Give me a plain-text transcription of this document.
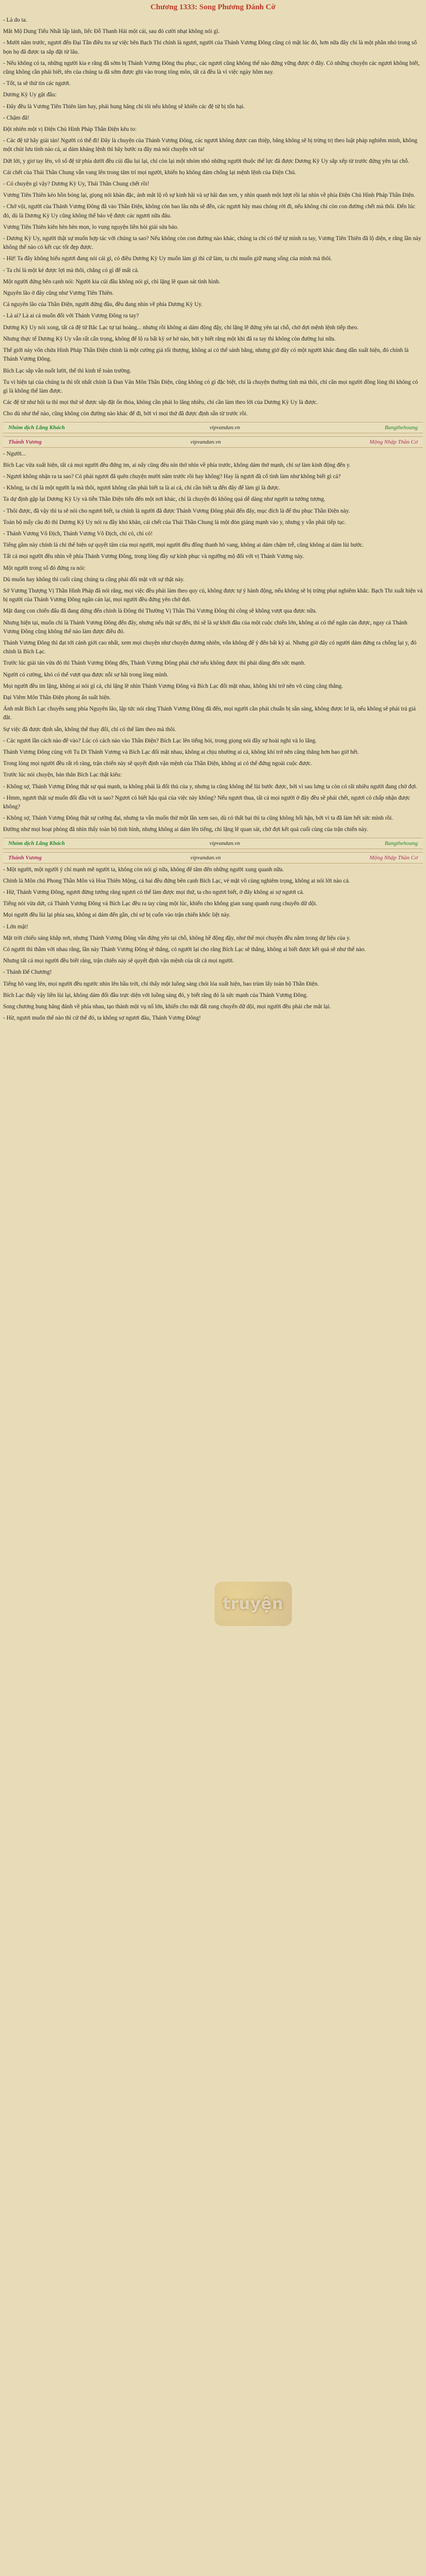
Chương 1333: Song Phương Đánh Cờ

- Là do ta.

Mắt Mộ Dung Tiểu Nhất lấp lánh, liếc Đỗ Thanh Hải một cái, sau đó cười nhạt không nói gì.

- Mười năm trước, ngươi đến Đại Tần điều tra sự việc bên Bạch Thi chính là ngươi, người của Thánh Vương Đông cũng có mặt lúc đó, hơn nữa đây chỉ là một phần nhỏ trong số bọn họ đã được ta sắp đặt từ lâu.

- Nếu không có ta, những người kia e rằng đã sớm bị Thánh Vương Đông thu phục, các ngươi cũng không thể nào đứng vững được ở đây. Có những chuyện các ngươi không biết, cũng không cần phải biết, tên của chúng ta đã sớm được ghi vào trong tông môn, tất cả đều là vì việc ngày hôm nay.

- Tốt, ta sẽ thử tin các ngươi.

Dương Kỳ Uy gật đầu:

- Đây đều là Vương Tiên Thiên làm hay, phải hung hăng chỉ tôi nếu không sẽ khiến các đệ tử bị tổn hại.

- Chậm đã!

Đột nhiên một vị Điện Chủ Hình Pháp Thần Điện kêu to:

- Các đệ tử hãy giải tán! Người có thể đi! Đây là chuyện của Thánh Vương Đông, các ngươi không được can thiệp, bằng không sẽ bị trừng trị theo luật pháp nghiêm minh, không một chút lưu tình nào cả, ai dám kháng lệnh thì hãy bước ra đây mà nói chuyện với ta!

Dứt lời, y giơ tay lên, vô số đệ tử phía dưới đều cúi đầu lui lại, chỉ còn lại một nhóm nhỏ những người thuộc thế lực đã được Dương Kỳ Uy sắp xếp từ trước đứng yên tại chỗ.

Cái chết của Thái Thần Chung vẫn vang lên trong tâm trí mọi người, khiến họ không dám chống lại mệnh lệnh của Điện Chủ.

- Có chuyện gì vậy? Dương Kỳ Uy, Thái Thần Chung chết rồi!

Vương Tiên Thiên kéo hồn bóng lại, giọng nói khàn đặc, ánh mắt lộ rõ sự kinh hãi và sợ hãi đan xen, y nhìn quanh một lượt rồi lại nhìn về phía Điện Chủ Hình Pháp Thần Điện.

- Chớ vội, người của Thánh Vương Đông đã vào Thần Điện, không còn bao lâu nữa sẽ đến, các ngươi hãy mau chóng rời đi, nếu không chỉ còn con đường chết mà thôi. Đến lúc đó, dù là Dương Kỳ Uy cũng không thể bảo vệ được các ngươi nữa đâu.

Vương Tiên Thiên kiên hèn hèn mọn, lo vung nguyện liền hỏi giải sửa bảo.

- Dương Kỳ Uy, người thật sự muốn hợp tác với chúng ta sao? Nếu không còn con đường nào khác, chúng ta chỉ có thể tự mình ra tay, Vương Tiên Thiên đã lộ diện, e rằng lần này không thể nào có kết cục tốt đẹp được.

- Hừ! Ta đây không hiểu ngươi đang nói cái gì, có điều Dương Kỳ Uy muốn làm gì thì cứ làm, ta chỉ muốn giữ mạng sống của mình mà thôi.

- Ta chỉ là một kẻ được lợi mà thôi, chẳng có gì để mất cả.

Một người đứng bên cạnh nói: Người kia cúi đầu không nói gì, chỉ lặng lẽ quan sát tình hình.

Nguyên lão ở đây cũng như Vương Tiên Thiên.

Cả nguyên lão của Thần Điện, người đứng đầu, đều đang nhìn về phía Dương Kỳ Uy.

- Là ai? Là ai cả muốn đối với Thánh Vương Đông ra tay?

Dương Kỳ Uy nói xong, tất cả đệ tử Bắc Lạc tự tại hoảng... nhưng rồi không ai dám động đậy, chỉ lặng lẽ đứng yên tại chỗ, chờ đợi mệnh lệnh tiếp theo.

Nhưng thực tế Dương Kỳ Uy vẫn rất cẩn trọng, không để lộ ra bất kỳ sơ hở nào, bởi y biết rằng một khi đã ra tay thì không còn đường lui nữa.

Thế giới này vốn chứa Hình Pháp Thần Điện chính là một cường giả tối thượng, không ai có thể sánh bằng, nhưng giờ đây có một người khác đang dần xuất hiện, đó chính là Thánh Vương Đông.

Bích Lạc sắp vẫn nuốt lười, thế thì kinh tế toàn trường.

Tu vi hiện tại của chúng ta thì tốt nhất chính là Đan Vân Môn Thần Điện, cũng không có gì đặc biệt, chỉ là chuyện thường tình mà thôi, chỉ cần mọi người đồng lòng thì không có gì là không thể làm được.

Các đệ tử như hội ta thì mọi thứ sẽ được sắp đặt ổn thỏa, không cần phải lo lắng nhiều, chỉ cần làm theo lời của Dương Kỳ Uy là được.

Cho dù như thế nào, cũng không còn đường nào khác để đi, bởi vì mọi thứ đã được định sẵn từ trước rồi.

Nhóm dịch Lãng Khách	vipvandan.vn	Bangthehoang
Thánh Vương	vipvandan.vn	Mộng Nhập Thần Cơ

- Người...

Bích Lạc vừa xuất hiện, tất cả mọi người đều đứng im, ai nấy cũng đều nín thở nhìn về phía trước, không dám thở mạnh, chỉ sợ làm kinh động đến y.

- Ngươi không nhận ra ta sao? Có phải ngươi đã quên chuyện mười năm trước rồi hay không? Hay là ngươi đã cố tình làm như không biết gì cả?

- Không, ta chỉ là một người lạ mà thôi, ngươi không cần phải biết ta là ai cả, chỉ cần biết ta đến đây để làm gì là được.

Ta dự định gặp lại Dương Kỳ Uy và tiễn Thần Điện tiến đến một nơi khác, chỉ là chuyện đó không quá dễ dàng như người ta tưởng tượng.

- Thôi được, đã vậy thì ta sẽ nói cho ngươi biết, ta chính là người đã được Thánh Vương Đông phái đến đây, mục đích là để thu phục Thần Điện này.

Toàn bộ mấy câu đó thì Dương Kỳ Uy nói ra đầy khó khăn, cái chết của Thái Thần Chung là một đòn giáng mạnh vào y, nhưng y vẫn phải tiếp tục.

- Thánh Vương Vô Địch, Thánh Vương Vô Địch, chỉ có, chỉ có!

Tiếng gầm này chính là chỉ thể hiện sự quyết tâm của mọi người, mọi người đều đồng thanh hô vang, không ai dám chậm trễ, cũng không ai dám lùi bước.

Tất cả mọi người đều nhìn về phía Thánh Vương Đông, trong lòng đầy sự kính phục và ngưỡng mộ đối với vị Thánh Vương này.

Một người trong số đó đứng ra nói:

Dù muốn hay không thì cuối cùng chúng ta cũng phải đối mặt với sự thật này.

Sở Vương Thượng Vị Thần Hình Pháp đã nói rằng, mọi việc đều phải làm theo quy củ, không được tự ý hành động, nếu không sẽ bị trừng phạt nghiêm khắc. Bạch Thi xuất hiện và bị người của Thánh Vương Đông ngăn cản lại, mọi người đều đứng yên chờ đợi.

Mặt đang con chiến đấu đã đang dừng đến chính là Đông thì Thường Vị Thần Thủ Vương Đông thì công sẽ không vượt qua được nữa.

Nhưng hiện tại, muốn chỉ là Thánh Vương Đông đến đây, nhưng nếu thật sự đến, thì sẽ là sự khởi đầu của một cuộc chiến lớn, không ai có thể ngăn cản được, ngay cả Thánh Vương Đông cũng không thể nào làm được điều đó.

Thánh Vương Đông thì đạt tới cảnh giới cao nhất, xem mọi chuyện như chuyện đương nhiên, vốn không để ý đến bất kỳ ai. Nhưng giờ đây có người dám đứng ra chống lại y, đó chính là Bích Lạc.

Trước lúc giải tán vừa đó thì Thánh Vương Đông đến, Thánh Vương Đông phải chờ nếu không được thì phải dùng đến sức mạnh.

Người có cường, khó có thể vượt qua được nỗi sợ hãi trong lòng mình.

Mọi người đều im lặng, không ai nói gì cả, chỉ lặng lẽ nhìn Thánh Vương Đông và Bích Lạc đối mặt nhau, không khí trở nên vô cùng căng thẳng.

Đại Viêm Môn Thần Điện phong ấn suất hiện.

Ánh mắt Bích Lạc chuyển sang phía Nguyên lão, lập tức nói rằng Thánh Vương Đông đã đến, mọi người cần phải chuẩn bị sẵn sàng, không được lơ là, nếu không sẽ phải trả giá đắt.

Sự việc đã được định sẵn, không thể thay đổi, chỉ có thể làm theo mà thôi.

- Các ngươi lần cách nào để vào? Lúc có cách nào vào Thần Điện? Bích Lạc lên tiếng hỏi, trong giọng nói đầy sự hoài nghi và lo lắng.

Thánh Vương Đông cùng với Tu Di Thánh Vương và Bích Lạc đối mặt nhau, không ai chịu nhường ai cả, không khí trở nên căng thẳng hơn bao giờ hết.

Trong lòng mọi người đều rất rõ ràng, trận chiến này sẽ quyết định vận mệnh của Thần Điện, không ai có thể đứng ngoài cuộc được.

Trước lúc nói chuyện, bản thân Bích Lạc thật kiêu:

- Không sợ, Thánh Vương Đông thật sự quá mạnh, ta không phải là đối thủ của y, nhưng ta cũng không thể lùi bước được, bởi vì sau lưng ta còn có rất nhiều người đang chờ đợi.

- Hmm, ngươi thật sự muốn đối đầu với ta sao? Ngươi có biết hậu quả của việc này không? Nếu ngươi thua, tất cả mọi người ở đây đều sẽ phải chết, ngươi có chấp nhận được không?

- Không sợ, Thánh Vương Đông thật sự cường đại, nhưng ta vẫn muốn thử một lần xem sao, dù có thất bại thì ta cũng không hối hận, bởi vì ta đã làm hết sức mình rồi.

Đường như mọi hoạt phòng đã nhìn thấy toàn bộ tình hình, nhưng không ai dám lên tiếng, chỉ lặng lẽ quan sát, chờ đợi kết quả cuối cùng của trận chiến này.

Nhóm dịch Lãng Khách	vipvandan.vn	Bangthehoang
Thánh Vương	vipvandan.vn	Mộng Nhập Thần Cơ

- Một người, một người ý chí mạnh mẽ người ta, không còn nói gì nữa, không để tâm đến những người xung quanh nữa.

Chính là Môn chủ Phong Thần Môn và Hoa Thiên Mộng, cả hai đều đứng bên cạnh Bích Lạc, vẻ mặt vô cùng nghiêm trọng, không ai nói lời nào cả.

- Hừ, Thánh Vương Đông, ngươi đừng tưởng rằng ngươi có thể làm được mọi thứ, ta cho ngươi biết, ở đây không ai sợ ngươi cả.

Tiếng nói vừa dứt, cả Thánh Vương Đông và Bích Lạc đều ra tay cùng một lúc, khiến cho không gian xung quanh rung chuyển dữ dội.

Mọi người đều lùi lại phía sau, không ai dám đến gần, chỉ sợ bị cuốn vào trận chiến khốc liệt này.

- Lớn mật!

Mặt trời chiếu sáng khắp nơi, nhưng Thánh Vương Đông vẫn đứng yên tại chỗ, không hề động đậy, như thể mọi chuyện đều nằm trong dự liệu của y.

Có người thì thầm với nhau rằng, lần này Thánh Vương Đông sẽ thắng, có người lại cho rằng Bích Lạc sẽ thắng, không ai biết được kết quả sẽ như thế nào.

Nhưng tất cả mọi người đều biết rằng, trận chiến này sẽ quyết định vận mệnh của tất cả mọi người.

- Thánh Đế Chương!

Tiếng hô vang lên, mọi người đều ngước nhìn lên bầu trời, chỉ thấy một luồng sáng chói lóa xuất hiện, bao trùm lấy toàn bộ Thần Điện.

Bích Lạc thấy vậy liền lùi lại, không dám đối đầu trực diện với luồng sáng đó, y biết rằng đó là sức mạnh của Thánh Vương Đông.

Song chương hung hăng đánh về phía nhau, tạo thành một vụ nổ lớn, khiến cho mặt đất rung chuyển dữ dội, mọi người đều phải che mắt lại.

- Hừ, ngươi muốn thế nào thì cứ thế đó, ta không sợ ngươi đâu, Thánh Vương Đông!

truyện
